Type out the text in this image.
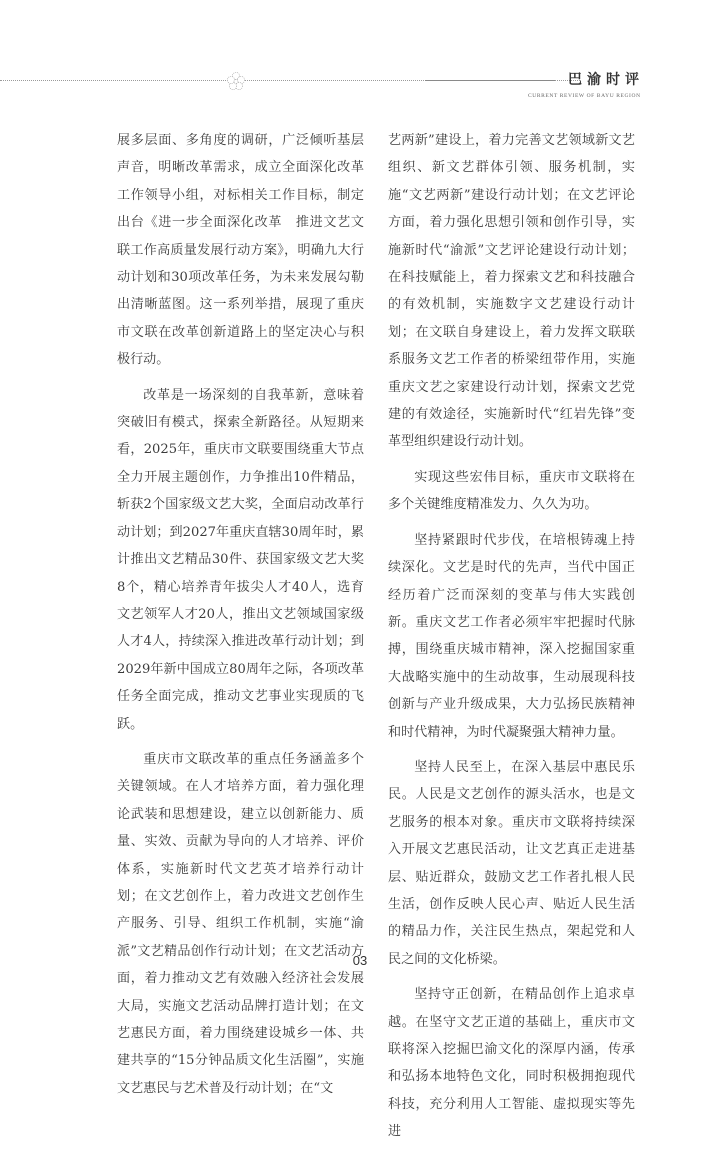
巴渝时评
CURRENT REVIEW OF BAYU REGION

展多层面、多角度的调研，广泛倾听基层声音，明晰改革需求，成立全面深化改革工作领导小组，对标相关工作目标，制定出台《进一步全面深化改革　推进文艺文联工作高质量发展行动方案》，明确九大行动计划和30项改革任务，为未来发展勾勒出清晰蓝图。这一系列举措，展现了重庆市文联在改革创新道路上的坚定决心与积极行动。

改革是一场深刻的自我革新，意味着突破旧有模式，探索全新路径。从短期来看，2025年，重庆市文联要围绕重大节点全力开展主题创作，力争推出10件精品，斩获2个国家级文艺大奖，全面启动改革行动计划；到2027年重庆直辖30周年时，累计推出文艺精品30件、获国家级文艺大奖8个，精心培养青年拔尖人才40人，选育文艺领军人才20人，推出文艺领域国家级人才4人，持续深入推进改革行动计划；到2029年新中国成立80周年之际，各项改革任务全面完成，推动文艺事业实现质的飞跃。

重庆市文联改革的重点任务涵盖多个关键领域。在人才培养方面，着力强化理论武装和思想建设，建立以创新能力、质量、实效、贡献为导向的人才培养、评价体系，实施新时代文艺英才培养行动计划；在文艺创作上，着力改进文艺创作生产服务、引导、组织工作机制，实施“渝派”文艺精品创作行动计划；在文艺活动方面，着力推动文艺有效融入经济社会发展大局，实施文艺活动品牌打造计划；在文艺惠民方面，着力围绕建设城乡一体、共建共享的“15分钟品质文化生活圈”，实施文艺惠民与艺术普及行动计划；在“文

艺两新”建设上，着力完善文艺领域新文艺组织、新文艺群体引领、服务机制，实施“文艺两新”建设行动计划；在文艺评论方面，着力强化思想引领和创作引导，实施新时代“渝派”文艺评论建设行动计划；在科技赋能上，着力探索文艺和科技融合的有效机制，实施数字文艺建设行动计划；在文联自身建设上，着力发挥文联联系服务文艺工作者的桥梁纽带作用，实施重庆文艺之家建设行动计划，探索文艺党建的有效途径，实施新时代“红岩先锋”变革型组织建设行动计划。

实现这些宏伟目标，重庆市文联将在多个关键维度精准发力、久久为功。

坚持紧跟时代步伐，在培根铸魂上持续深化。文艺是时代的先声，当代中国正经历着广泛而深刻的变革与伟大实践创新。重庆文艺工作者必须牢牢把握时代脉搏，围绕重庆城市精神，深入挖掘国家重大战略实施中的生动故事，生动展现科技创新与产业升级成果，大力弘扬民族精神和时代精神，为时代凝聚强大精神力量。

坚持人民至上，在深入基层中惠民乐民。人民是文艺创作的源头活水，也是文艺服务的根本对象。重庆市文联将持续深入开展文艺惠民活动，让文艺真正走进基层、贴近群众，鼓励文艺工作者扎根人民生活，创作反映人民心声、贴近人民生活的精品力作，关注民生热点，架起党和人民之间的文化桥梁。

坚持守正创新，在精品创作上追求卓越。在坚守文艺正道的基础上，重庆市文联将深入挖掘巴渝文化的深厚内涵，传承和弘扬本地特色文化，同时积极拥抱现代科技，充分利用人工智能、虚拟现实等先进

03
